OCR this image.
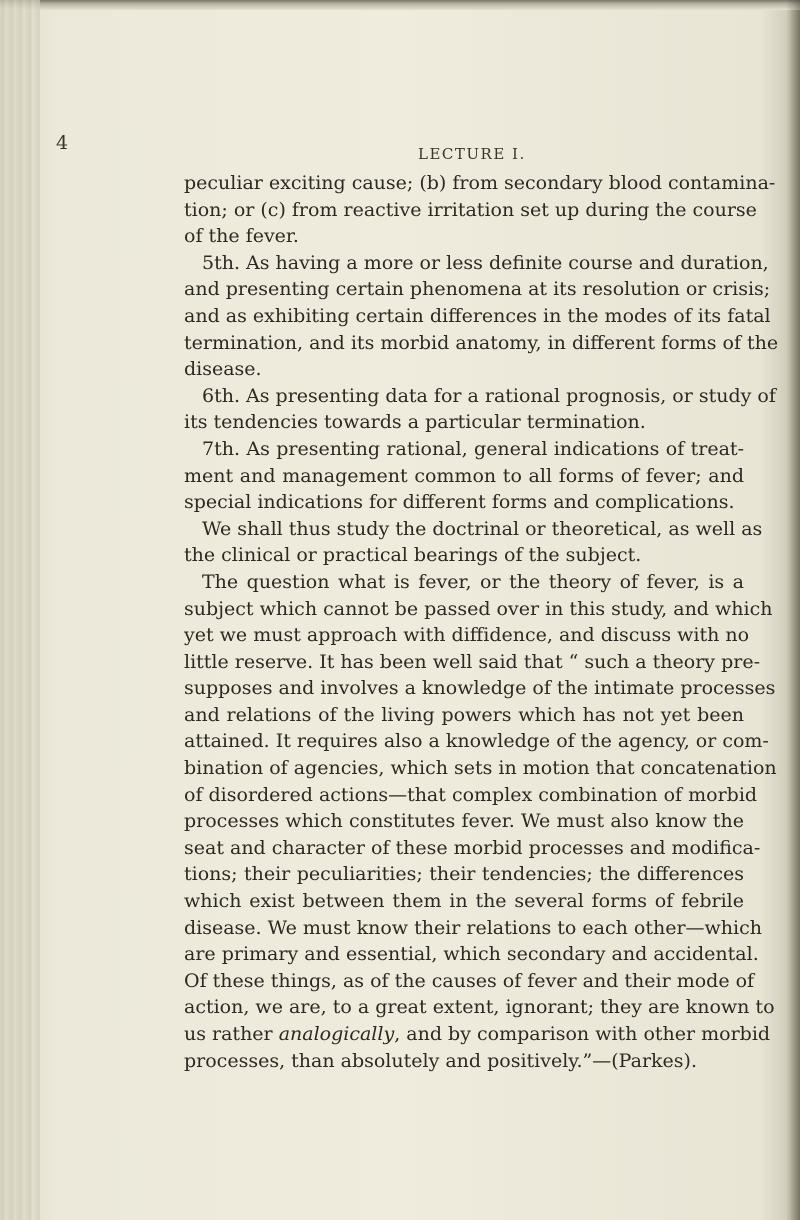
4	LECTURE I.
peculiar exciting cause; (b) from secondary blood contamina-
tion; or (c) from reactive irritation set up during the course
of the fever.
5th. As having a more or less definite course and duration,
and presenting certain phenomena at its resolution or crisis;
and as exhibiting certain differences in the modes of its fatal
termination, and its morbid anatomy, in different forms of the
disease.
6th. As presenting data for a rational prognosis, or study of
its tendencies towards a particular termination.
7th. As presenting rational, general indications of treat-
ment and management common to all forms of fever; and
special indications for different forms and complications.
We shall thus study the doctrinal or theoretical, as well as
the clinical or practical bearings of the subject.
The question what is fever, or the theory of fever, is a
subject which cannot be passed over in this study, and which
yet we must approach with diffidence, and discuss with no
little reserve. It has been well said that “ such a theory pre-
supposes and involves a knowledge of the intimate processes
and relations of the living powers which has not yet been
attained. It requires also a knowledge of the agency, or com-
bination of agencies, which sets in motion that concatenation
of disordered actions—that complex combination of morbid
processes which constitutes fever. We must also know the
seat and character of these morbid processes and modifica-
tions; their peculiarities; their tendencies; the differences
which exist between them in the several forms of febrile
disease. We must know their relations to each other—which
are primary and essential, which secondary and accidental.
Of these things, as of the causes of fever and their mode of
action, we are, to a great extent, ignorant; they are known to
us rather analogically, and by comparison with other morbid
processes, than absolutely and positively.”—(Parkes).
